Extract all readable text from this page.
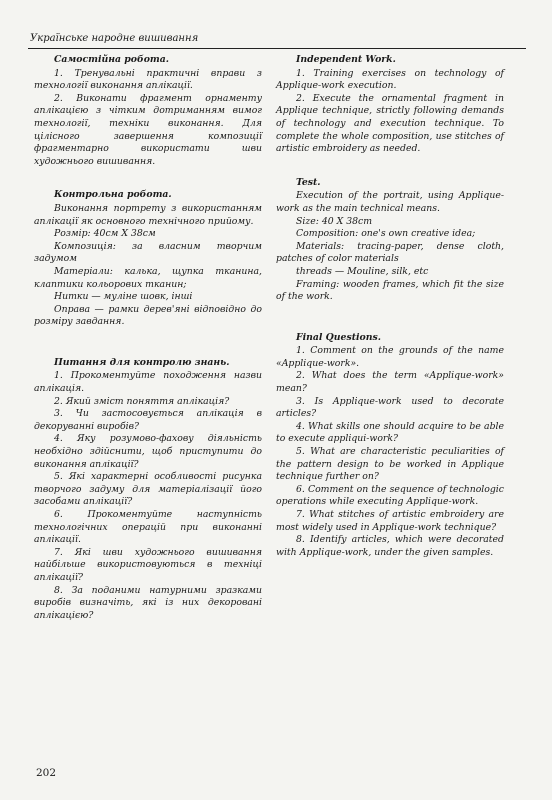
Українське народне вишивання
Самостійна робота.
1. Тренувальні практичні вправи з технології виконання аплікації.
2. Виконати фрагмент орнаменту аплікацією з чітким дотриманням вимог технології, техніки виконання. Для цілісного завершення композиції фрагментарно використати шви художнього вишивання.
Контрольна робота.
Виконання портрету з використанням аплікації як основного технічного прийому.
Розмір: 40см Х 38см
Композиція: за власним творчим задумом
Матеріали: калька, щупка тканина, клаптики кольорових тканин;
Нитки — муліне шовк, інші
Оправа — рамки дерев'яні відповідно до розміру завдання.
Питання для контролю знань.
1. Прокоментуйте походження назви аплікація.
2. Який зміст поняття аплікація?
3. Чи застосовується аплікація в декоруванні виробів?
4. Яку розумово-фахову діяльність необхідно здійснити, щоб приступити до виконання аплікації?
5. Які характерні особливості рисунка творчого задуму для матеріалізації його засобами аплікації?
6. Прокоментуйте наступність технологічних операцій при виконанні аплікації.
7. Які шви художнього вишивання найбільше використовуються в техніці аплікації?
8. За поданими натурними зразками виробів визначіть, які із них декоровані аплікацією?
Independent Work.
1. Training exercises on technology of Applique-work execution.
2. Execute the ornamental fragment in Applique technique, strictly following demands of technology and execution technique. To complete the whole composition, use stitches of artistic embroidery as needed.
Test.
Execution of the portrait, using Applique-work as the main technical means.
Size: 40 X 38cm
Composition: one's own creative idea;
Materials: tracing-paper, dense cloth, patches of color materials
threads — Mouline, silk, etc
Framing: wooden frames, which fit the size of the work.
Final Questions.
1. Comment on the grounds of the name «Applique-work».
2. What does the term «Applique-work» mean?
3. Is Applique-work used to decorate articles?
4. What skills one should acquire to be able to execute appliqui-work?
5. What are characteristic peculiarities of the pattern design to be worked in Applique technique further on?
6. Comment on the sequence of technologic operations while executing Applique-work.
7. What stitches of artistic embroidery are most widely used in Applique-work technique?
8. Identify articles, which were decorated with Applique-work, under the given samples.
202
